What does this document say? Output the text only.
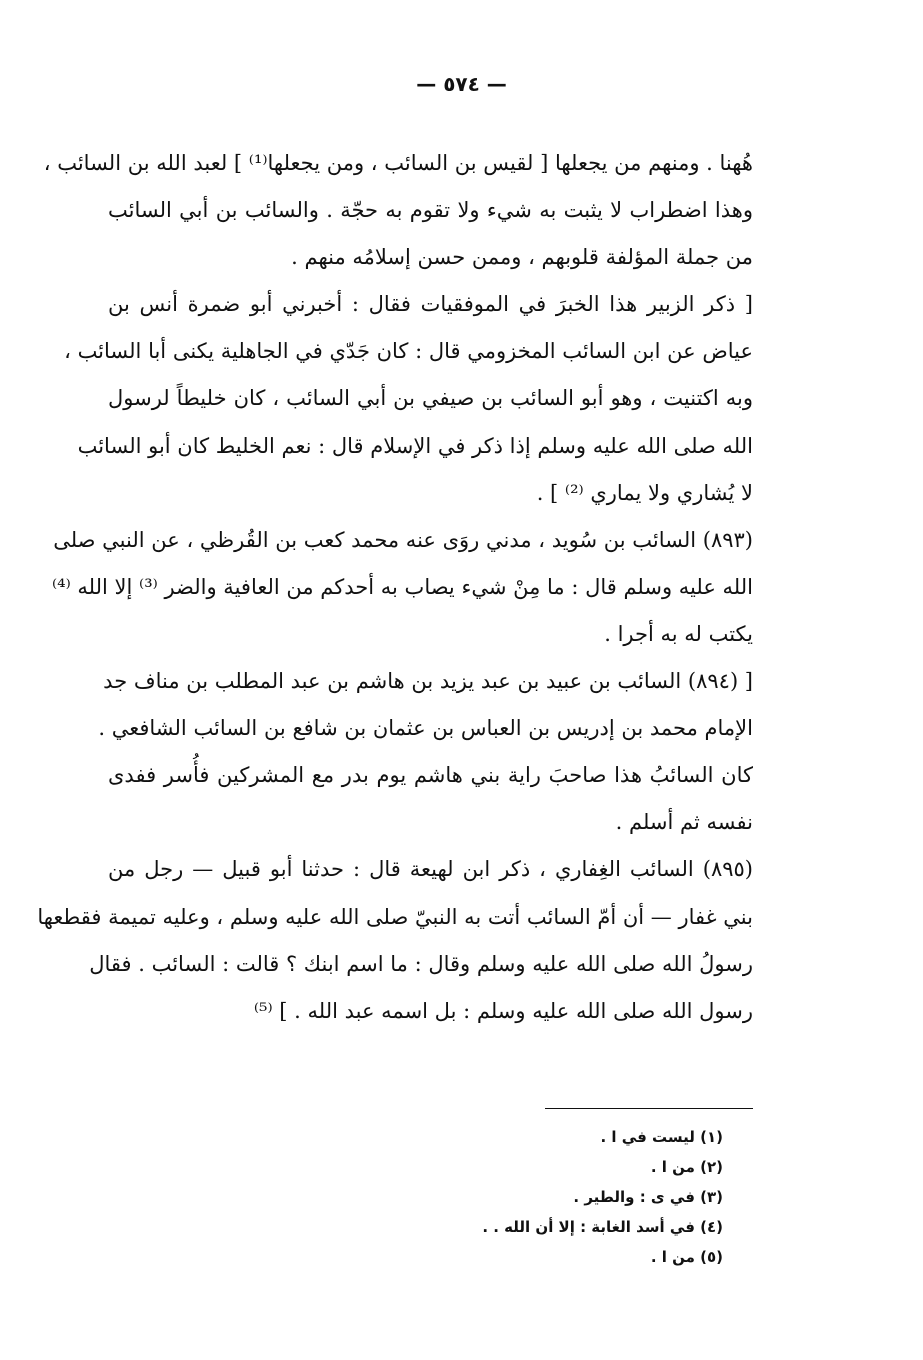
— ٥٧٤ —
هُهنا . ومنهم من يجعلها [ لقيس بن السائب ، ومن يجعلها⁽¹⁾ ] لعبد الله بن السائب ،
وهذا اضطراب لا يثبت به شيء ولا تقوم به حجّة . والسائب بن أبي السائب
من جملة المؤلفة قلوبهم ، وممن حسن إسلامُه منهم .
[ ذكر الزبير هذا الخبرَ في الموفقيات فقال : أخبرني أبو ضمرة أنس بن
عياض عن ابن السائب المخزومي قال : كان جَدّي في الجاهلية يكنى أبا السائب ،
وبه اكتنيت ، وهو أبو السائب بن صيفي بن أبي السائب ، كان خليطاً لرسول
الله صلى الله عليه وسلم إذا ذكر في الإسلام قال : نعم الخليط كان أبو السائب
لا يُشاري ولا يماري ⁽²⁾ ] .
(٨٩٣) السائب بن سُويد ، مدني روَى عنه محمد كعب بن القُرظي ، عن النبي صلى
الله عليه وسلم قال : ما مِنْ شيء يصاب به أحدكم من العافية والضر ⁽³⁾ إلا الله ⁽⁴⁾
يكتب له به أجرا .
[ (٨٩٤) السائب بن عبيد بن عبد يزيد بن هاشم بن عبد المطلب بن مناف جد
الإمام محمد بن إدريس بن العباس بن عثمان بن شافع بن السائب الشافعي .
كان السائبُ هذا صاحبَ راية بني هاشم يوم بدر مع المشركين فأُسر ففدى
نفسه ثم أسلم .
(٨٩٥) السائب الغِفاري ، ذكر ابن لهيعة قال : حدثنا أبو قبيل — رجل من
بني غفار — أن أمّ السائب أتت به النبيّ صلى الله عليه وسلم ، وعليه تميمة فقطعها
رسولُ الله صلى الله عليه وسلم وقال : ما اسم ابنك ؟ قالت : السائب . فقال
رسول الله صلى الله عليه وسلم : بل اسمه عبد الله . ] ⁽⁵⁾
(١) ليست في ا .
(٢) من ا .
(٣) في ى : والطير .
(٤) في أسد الغابة : إلا أن الله . .
(٥) من ا .
